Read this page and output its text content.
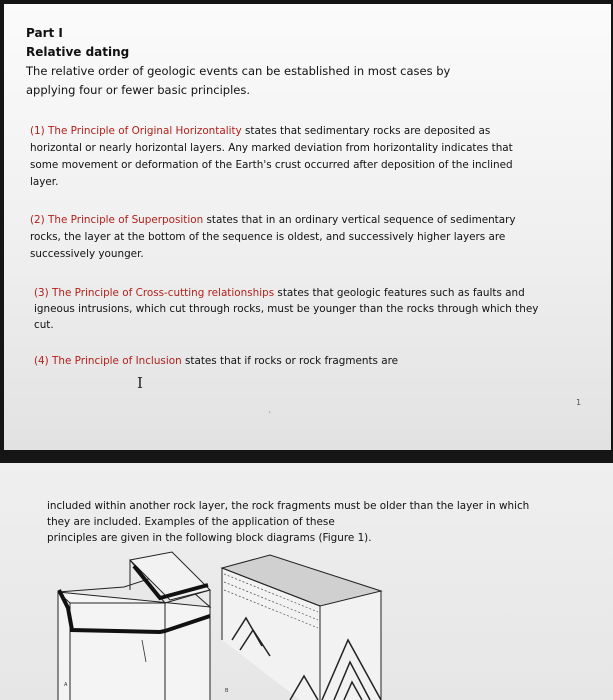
Part I

Relative dating

The relative order of geologic events can be established in most cases by

applying four or fewer basic principles.

(1) The Principle of Original Horizontality states that sedimentary rocks are deposited as

horizontal or nearly horizontal layers. Any marked deviation from horizontality indicates that

some movement or deformation of the Earth's crust occurred after deposition of the inclined

layer.

(2) The Principle of Superposition states that in an ordinary vertical sequence of sedimentary

rocks, the layer at the bottom of the sequence is oldest, and successively higher layers are

successively younger.

(3) The Principle of Cross-cutting relationships states that geologic features such as faults and

igneous intrusions, which cut through rocks, must be younger than the rocks through which they

cut.

(4) The Principle of Inclusion states that if rocks or rock fragments are

I
ˎ
1

included within another rock layer, the rock fragments must be older than the layer in which

they are included. Examples of the application of these

principles are given in the following block diagrams (Figure 1).

A
B
